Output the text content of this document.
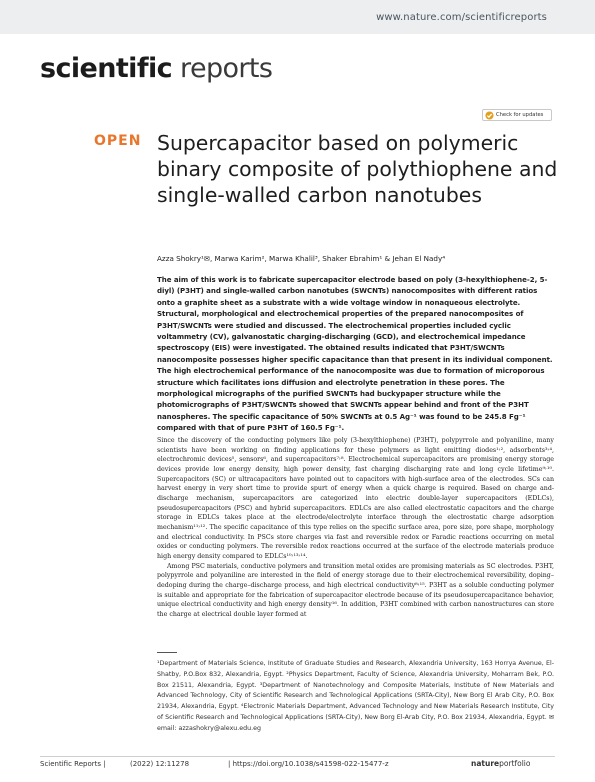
www.nature.com/scientificreports
scientific reports
Check for updates
OPEN Supercapacitor based on polymeric binary composite of polythiophene and single-walled carbon nanotubes
Azza Shokry¹✉, Marwa Karim², Marwa Khalil³, Shaker Ebrahim¹ & Jehan El Nady⁴
The aim of this work is to fabricate supercapacitor electrode based on poly (3-hexylthiophene-2, 5-diyl) (P3HT) and single-walled carbon nanotubes (SWCNTs) nanocomposites with different ratios onto a graphite sheet as a substrate with a wide voltage window in nonaqueous electrolyte. Structural, morphological and electrochemical properties of the prepared nanocomposites of P3HT/SWCNTs were studied and discussed. The electrochemical properties included cyclic voltammetry (CV), galvanostatic charging-discharging (GCD), and electrochemical impedance spectroscopy (EIS) were investigated. The obtained results indicated that P3HT/SWCNTs nanocomposite possesses higher specific capacitance than that present in its individual component. The high electrochemical performance of the nanocomposite was due to formation of microporous structure which facilitates ions diffusion and electrolyte penetration in these pores. The morphological micrographs of the purified SWCNTs had buckypaper structure while the photomicrographs of P3HT/SWCNTs showed that SWCNTs appear behind and front of the P3HT nanospheres. The specific capacitance of 50% SWCNTs at 0.5 Ag⁻¹ was found to be 245.8 Fg⁻¹ compared with that of pure P3HT of 160.5 Fg⁻¹.

Since the discovery of the conducting polymers like poly (3-hexylthiophene) (P3HT), polypyrrole and polyaniline, many scientists have been working on finding applications for these polymers as light emitting diodes¹˒², adsorbents³˒⁴, electrochromic devices⁵, sensors⁶, and supercapacitors⁷˒⁸. Electrochemical supercapacitors are promising energy storage devices provide low energy density, high power density, fast charging discharging rate and long cycle lifetime⁹˒¹⁰. Supercapacitors (SC) or ultracapacitors have pointed out to capacitors with high-surface area of the electrodes. SCs can harvest energy in very short time to provide spurt of energy when a quick charge is required. Based on charge and-discharge mechanism, supercapacitors are categorized into electric double-layer supercapacitors (EDLCs), pseudosupercapacitors (PSC) and hybrid supercapacitors. EDLCs are also called electrostatic capacitors and the charge storage in EDLCs takes place at the electrode/electrolyte interface through the electrostatic charge adsorption mechanism¹¹˒¹². The specific capacitance of this type relies on the specific surface area, pore size, pore shape, morphology and electrical conductivity. In PSCs store charges via fast and reversible redox or Faradic reactions occurring on metal oxides or conducting polymers. The reversible redox reactions occurred at the surface of the electrode materials produce high energy density compared to EDLCs¹⁰˒¹³˒¹⁴.

Among PSC materials, conductive polymers and transition metal oxides are promising materials as SC electrodes. P3HT, polypyrrole and polyaniline are interested in the field of energy storage due to their electrochemical reversibility, doping–dedoping during the charge–discharge process, and high electrical conductivity⁸˒¹⁵. P3HT as a soluble conducting polymer is suitable and appropriate for the fabrication of supercapacitor electrode because of its pseudosupercapacitance behavior, unique electrical conductivity and high energy density¹⁶. In addition, P3HT combined with carbon nanostructures can store the charge at electrical double layer formed at

¹Department of Materials Science, Institute of Graduate Studies and Research, Alexandria University, 163 Horrya Avenue, El-Shatby, P.O.Box 832, Alexandria, Egypt. ²Physics Department, Faculty of Science, Alexandria University, Moharram Bek, P.O. Box 21511, Alexandria, Egypt. ³Department of Nanotechnology and Composite Materials, Institute of New Materials and Advanced Technology, City of Scientific Research and Technological Applications (SRTA-City), New Borg El Arab City, P.O. Box 21934, Alexandria, Egypt. ⁴Electronic Materials Department, Advanced Technology and New Materials Research Institute, City of Scientific Research and Technological Applications (SRTA-City), New Borg El-Arab City, P.O. Box 21934, Alexandria, Egypt. ✉email: azzashokry@alexu.edu.eg
Scientific Reports |	(2022) 12:11278	| https://doi.org/10.1038/s41598-022-15477-z	natureportfolio
